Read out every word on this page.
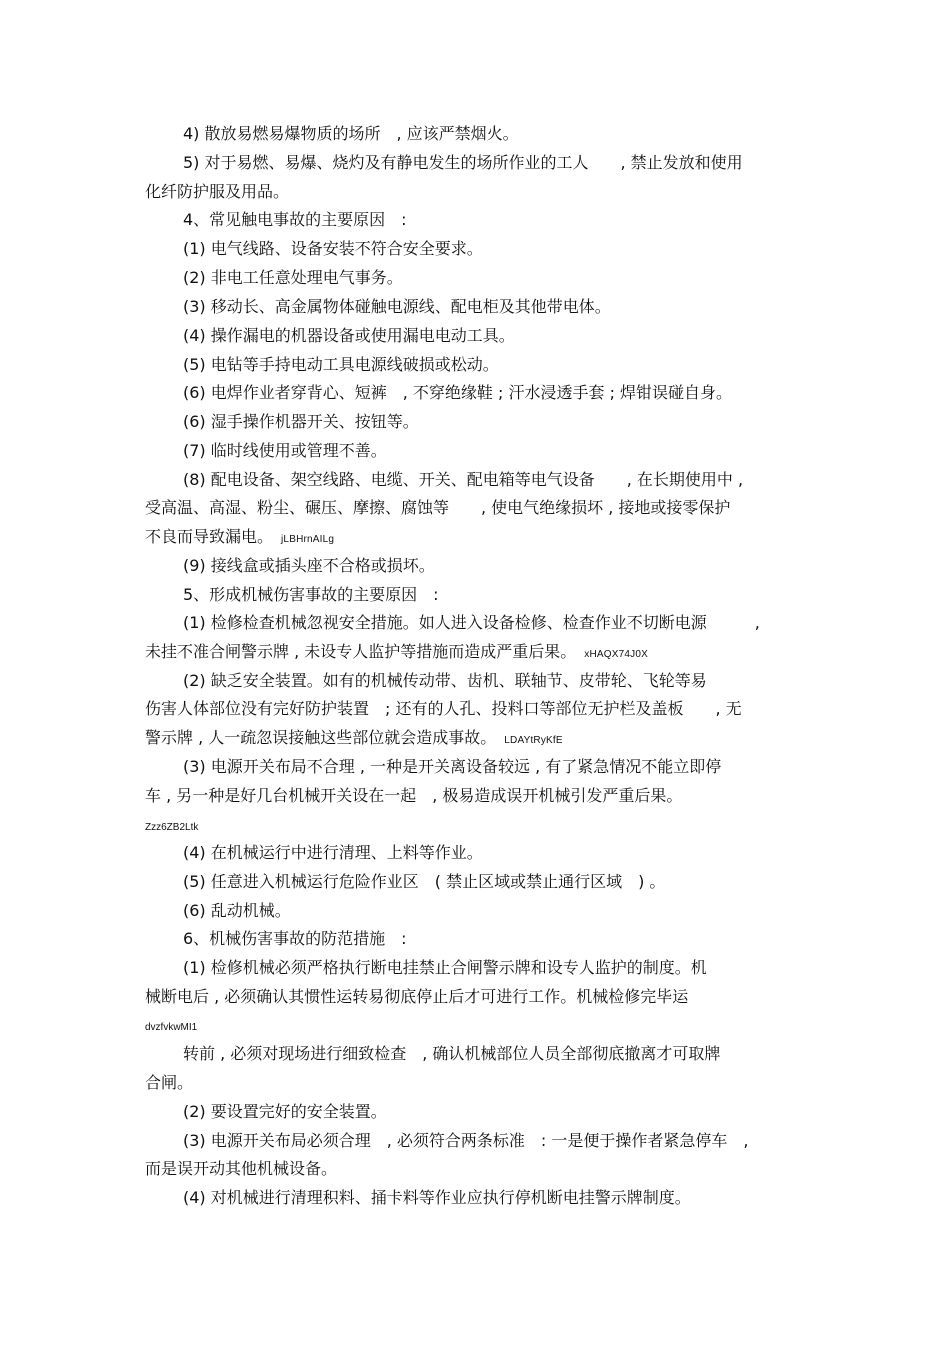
4) 散放易燃易爆物质的场所　, 应该严禁烟火。

5) 对于易燃、易爆、烧灼及有静电发生的场所作业的工人　　, 禁止发放和使用

化纤防护服及用品。

4、常见触电事故的主要原因　:

(1) 电气线路、设备安装不符合安全要求。

(2) 非电工任意处理电气事务。

(3) 移动长、高金属物体碰触电源线、配电柜及其他带电体。

(4) 操作漏电的机器设备或使用漏电电动工具。

(5) 电钻等手持电动工具电源线破损或松动。

(6) 电焊作业者穿背心、短裤　, 不穿绝缘鞋 ; 汗水浸透手套 ; 焊钳误碰自身。

(6) 湿手操作机器开关、按钮等。

(7) 临时线使用或管理不善。

(8) 配电设备、架空线路、电缆、开关、配电箱等电气设备　　, 在长期使用中 ,

受高温、高湿、粉尘、碾压、摩擦、腐蚀等　　, 使电气绝缘损坏 , 接地或接零保护

不良而导致漏电。 jLBHrnAILg

(9) 接线盒或插头座不合格或损坏。

5、形成机械伤害事故的主要原因　:

(1) 检修检查机械忽视安全措施。如人进入设备检修、检查作业不切断电源　　　,

未挂不准合闸警示牌 , 未设专人监护等措施而造成严重后果。 xHAQX74J0X

(2) 缺乏安全装置。如有的机械传动带、齿机、联轴节、皮带轮、飞轮等易

伤害人体部位没有完好防护装置　; 还有的人孔、投料口等部位无护栏及盖板　　, 无

警示牌 , 人一疏忽误接触这些部位就会造成事故。 LDAYtRyKfE

(3) 电源开关布局不合理 , 一种是开关离设备较远 , 有了紧急情况不能立即停

车 , 另一种是好几台机械开关设在一起　, 极易造成误开机械引发严重后果。

Zzz6ZB2Ltk

(4) 在机械运行中进行清理、上料等作业。

(5) 任意进入机械运行危险作业区　( 禁止区域或禁止通行区域　) 。

(6) 乱动机械。

6、机械伤害事故的防范措施　:

(1) 检修机械必须严格执行断电挂禁止合闸警示牌和设专人监护的制度。机

械断电后 , 必须确认其惯性运转易彻底停止后才可进行工作。机械检修完毕运

dvzfvkwMI1

转前 , 必须对现场进行细致检查　, 确认机械部位人员全部彻底撤离才可取牌

合闸。

(2) 要设置完好的安全装置。

(3) 电源开关布局必须合理　, 必须符合两条标准　: 一是便于操作者紧急停车　,

而是误开动其他机械设备。

(4) 对机械进行清理积料、捅卡料等作业应执行停机断电挂警示牌制度。
